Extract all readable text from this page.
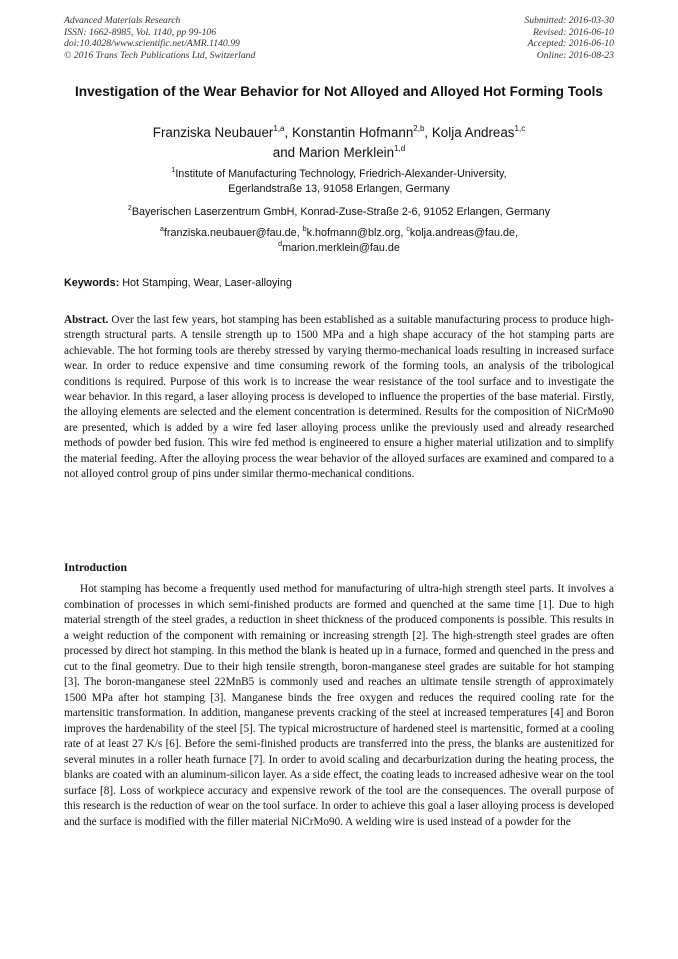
Advanced Materials Research
ISSN: 1662-8985, Vol. 1140, pp 99-106
doi:10.4028/www.scientific.net/AMR.1140.99
© 2016 Trans Tech Publications Ltd, Switzerland
Submitted: 2016-03-30
Revised: 2016-06-10
Accepted: 2016-06-10
Online: 2016-08-23
Investigation of the Wear Behavior for Not Alloyed and Alloyed Hot Forming Tools
Franziska Neubauer$^{1,a}$, Konstantin Hofmann$^{2,b}$, Kolja Andreas$^{1,c}$
and Marion Merklein$^{1,d}$
$^1$Institute of Manufacturing Technology, Friedrich-Alexander-University,
Egerlandstraße 13, 91058 Erlangen, Germany
$^2$Bayerischen Laserzentrum GmbH, Konrad-Zuse-Straße 2-6, 91052 Erlangen, Germany
$^a$franziska.neubauer@fau.de, $^b$k.hofmann@blz.org, $^c$kolja.andreas@fau.de,
$^d$marion.merklein@fau.de
Keywords: Hot Stamping, Wear, Laser-alloying
Abstract. Over the last few years, hot stamping has been established as a suitable manufacturing process to produce high-strength structural parts. A tensile strength up to 1500 MPa and a high shape accuracy of the hot stamping parts are achievable. The hot forming tools are thereby stressed by varying thermo-mechanical loads resulting in increased surface wear. In order to reduce expensive and time consuming rework of the forming tools, an analysis of the tribological conditions is required. Purpose of this work is to increase the wear resistance of the tool surface and to investigate the wear behavior. In this regard, a laser alloying process is developed to influence the properties of the base material. Firstly, the alloying elements are selected and the element concentration is determined. Results for the composition of NiCrMo90 are presented, which is added by a wire fed laser alloying process unlike the previously used and already researched methods of powder bed fusion. This wire fed method is engineered to ensure a higher material utilization and to simplify the material feeding. After the alloying process the wear behavior of the alloyed surfaces are examined and compared to a not alloyed control group of pins under similar thermo-mechanical conditions.
Introduction
Hot stamping has become a frequently used method for manufacturing of ultra-high strength steel parts. It involves a combination of processes in which semi-finished products are formed and quenched at the same time [1]. Due to high material strength of the steel grades, a reduction in sheet thickness of the produced components is possible. This results in a weight reduction of the component with remaining or increasing strength [2]. The high-strength steel grades are often processed by direct hot stamping. In this method the blank is heated up in a furnace, formed and quenched in the press and cut to the final geometry. Due to their high tensile strength, boron-manganese steel grades are suitable for hot stamping [3]. The boron-manganese steel 22MnB5 is commonly used and reaches an ultimate tensile strength of approximately 1500 MPa after hot stamping [3]. Manganese binds the free oxygen and reduces the required cooling rate for the martensitic transformation. In addition, manganese prevents cracking of the steel at increased temperatures [4] and Boron improves the hardenability of the steel [5]. The typical microstructure of hardened steel is martensitic, formed at a cooling rate of at least 27 K/s [6]. Before the semi-finished products are transferred into the press, the blanks are austenitized for several minutes in a roller heath furnace [7]. In order to avoid scaling and decarburization during the heating process, the blanks are coated with an aluminum-silicon layer. As a side effect, the coating leads to increased adhesive wear on the tool surface [8]. Loss of workpiece accuracy and expensive rework of the tool are the consequences. The overall purpose of this research is the reduction of wear on the tool surface. In order to achieve this goal a laser alloying process is developed and the surface is modified with the filler material NiCrMo90. A welding wire is used instead of a powder for the
